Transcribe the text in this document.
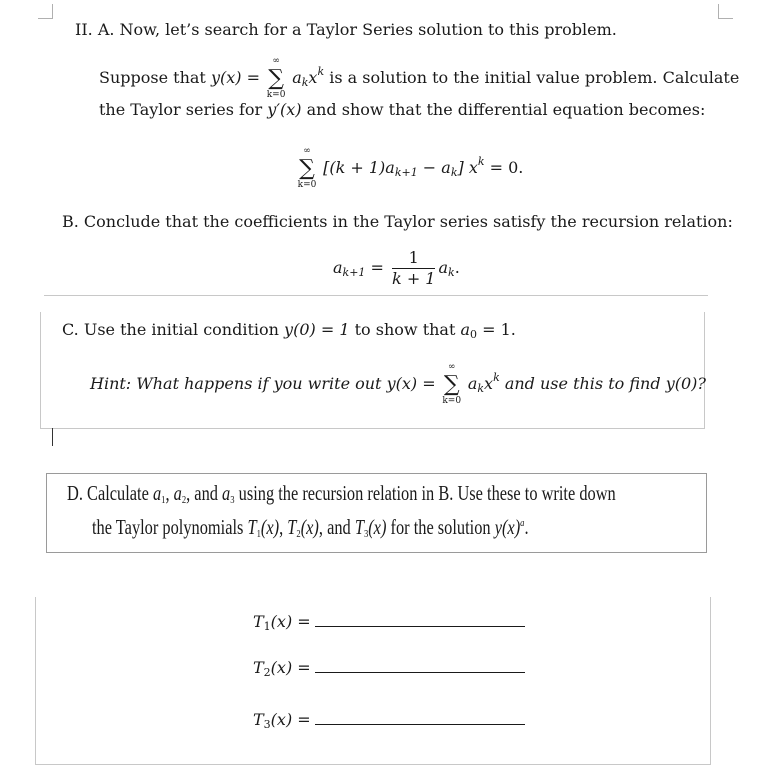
II. A. Now, let’s search for a Taylor Series solution to this problem.
Suppose that y(x) =
∞
∑
k=0
$a_kx^k$ is a solution to the initial value problem. Calculate
the Taylor series for y′(x) and show that the differential equation becomes:
∞
∑
k=0
$[(k + 1)a_{k+1} - a_k]$ $x^k = 0$.
B. Conclude that the coefficients in the Taylor series satisfy the recursion relation:
$a_{k+1} = \frac{1}{k + 1} a_k$.
C. Use the initial condition y(0) = 1 to show that $a_0 = 1$.
Hint: What happens if you write out y(x) =
∞
∑
k=0
$a_kx^k$ and use this to find y(0)?
D. Calculate $a_1$, $a_2$, and $a_3$ using the recursion relation in B. Use these to write down
the Taylor polynomials $T_1(x)$, $T_2(x)$, and $T_3(x)$ for the solution $y(x)^a$.
$T_1(x)$ =
$T_2(x)$ =
$T_3(x)$ =
